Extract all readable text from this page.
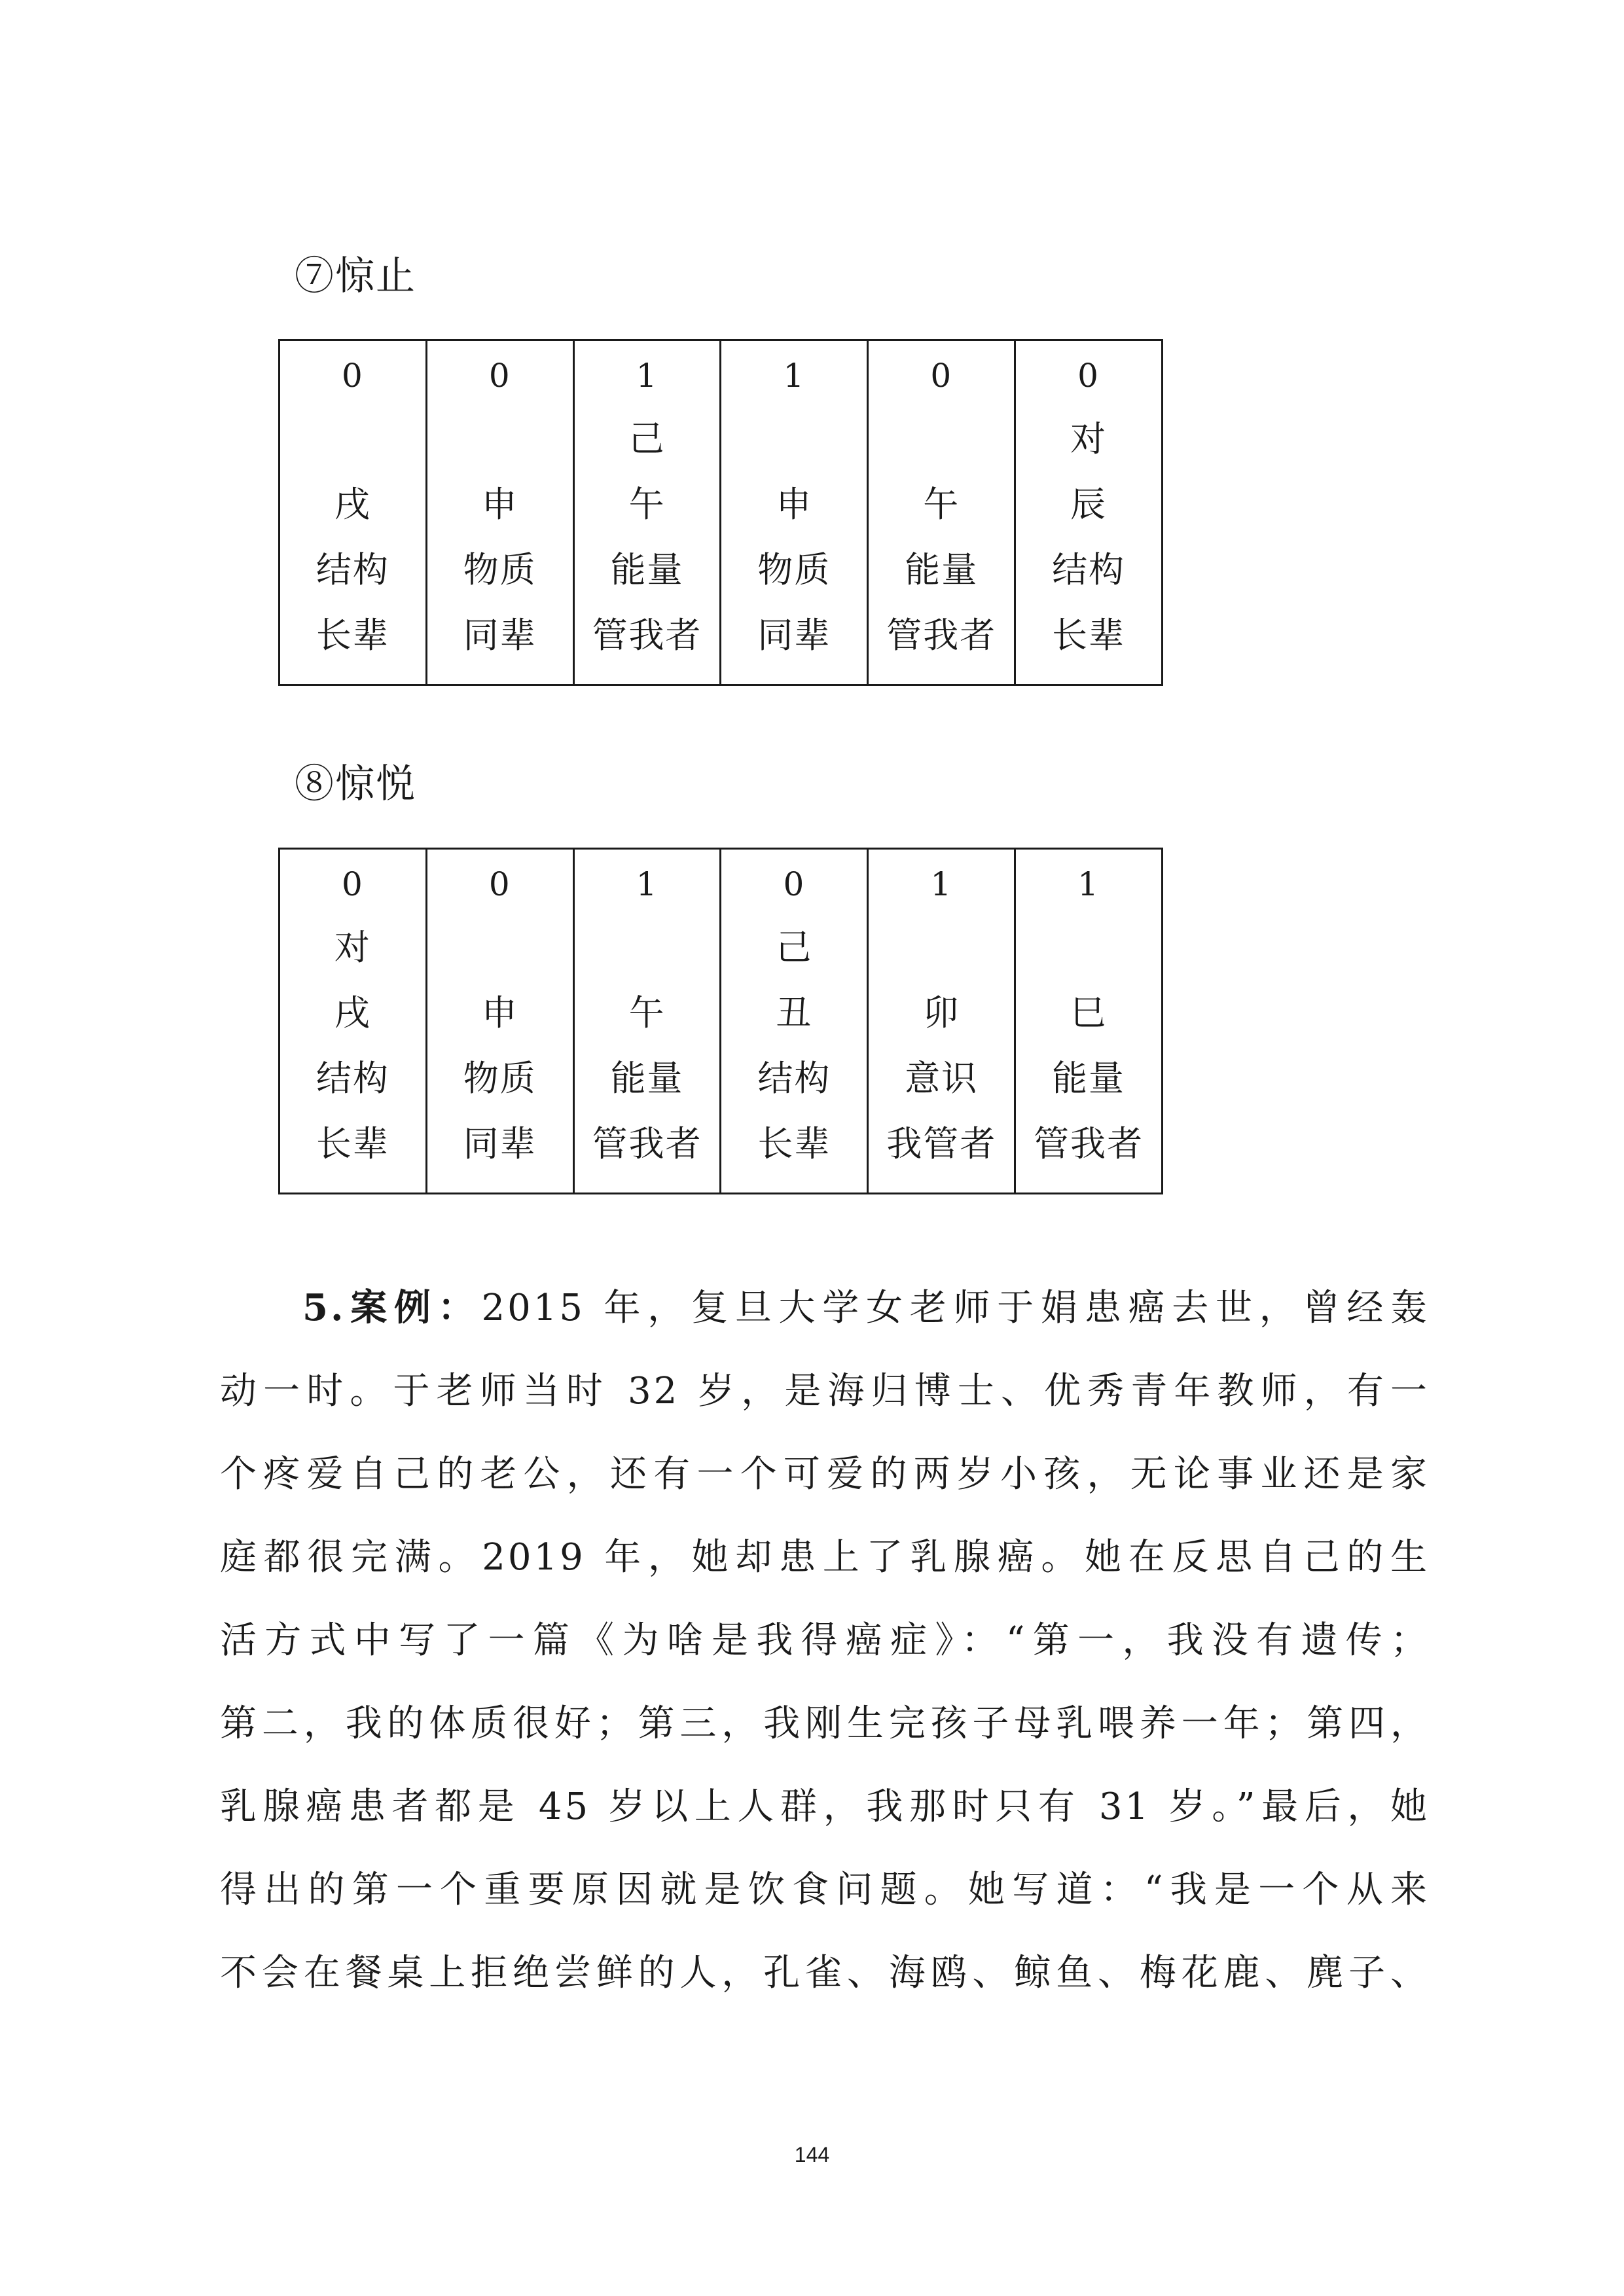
⑦惊止
0
戌
结构
长辈

0
申
物质
同辈

1
己
午
能量
管我者

1
申
物质
同辈

0
午
能量
管我者

0
对
辰
结构
长辈
⑧惊悦
0
对
戌
结构
长辈

0
申
物质
同辈

1
午
能量
管我者

0
己
丑
结构
长辈

1
卯
意识
我管者

1
巳
能量
管我者
5.案例：2015 年，复旦大学女老师于娟患癌去世，曾经轰
动一时。于老师当时 32 岁，是海归博士、优秀青年教师，有一
个疼爱自己的老公，还有一个可爱的两岁小孩，无论事业还是家
庭都很完满。2019 年，她却患上了乳腺癌。她在反思自己的生
活方式中写了一篇《为啥是我得癌症》：“第一，我没有遗传；
第二，我的体质很好；第三，我刚生完孩子母乳喂养一年；第四，
乳腺癌患者都是 45 岁以上人群，我那时只有 31 岁。”最后，她
得出的第一个重要原因就是饮食问题。她写道：“我是一个从来
不会在餐桌上拒绝尝鲜的人，孔雀、海鸥、鲸鱼、梅花鹿、麂子、
144
